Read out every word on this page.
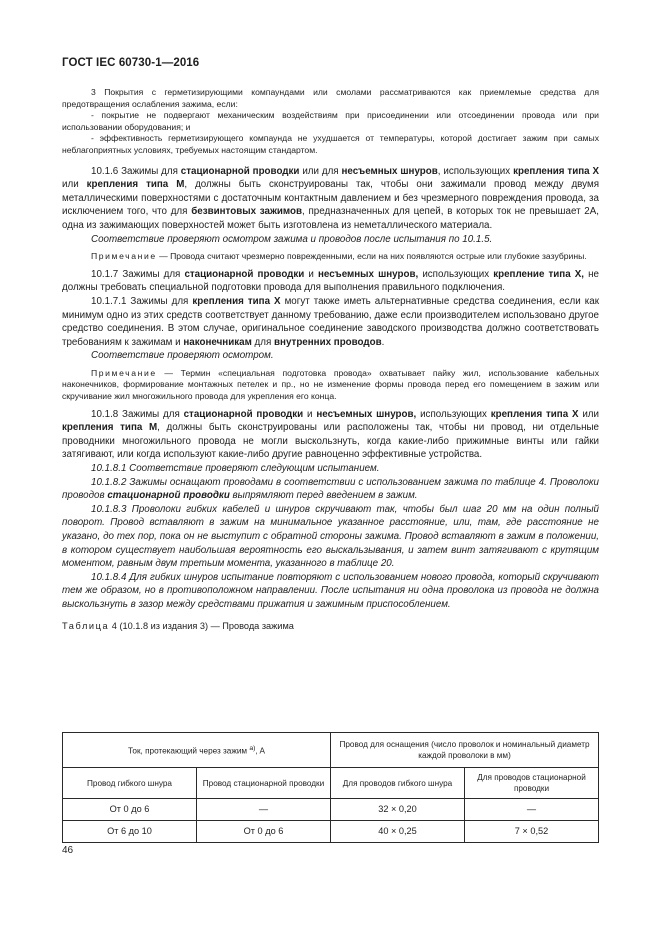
ГОСТ IEC 60730-1—2016

3 Покрытия с герметизирующими компаундами или смолами рассматриваются как приемлемые средства для предотвращения ослабления зажима, если:

- покрытие не подвергают механическим воздействиям при присоединении или отсоединении провода или при использовании оборудования; и

- эффективность герметизирующего компаунда не ухудшается от температуры, которой достигает зажим при самых неблагоприятных условиях, требуемых настоящим стандартом.

10.1.6 Зажимы для стационарной проводки или для несъемных шнуров, использующих крепления типа X или крепления типа M, должны быть сконструированы так, чтобы они зажимали провод между двумя металлическими поверхностями с достаточным контактным давлением и без чрезмерного повреждения провода, за исключением того, что для безвинтовых зажимов, предназначенных для цепей, в которых ток не превышает 2A, одна из зажимающих поверхностей может быть изготовлена из неметаллического материала.

Соответствие проверяют осмотром зажима и проводов после испытания по 10.1.5.

Примечание — Провода считают чрезмерно поврежденными, если на них появляются острые или глубокие зазубрины.

10.1.7 Зажимы для стационарной проводки и несъемных шнуров, использующих крепление типа X, не должны требовать специальной подготовки провода для выполнения правильного подключения.

10.1.7.1 Зажимы для крепления типа X могут также иметь альтернативные средства соединения, если как минимум одно из этих средств соответствует данному требованию, даже если производителем использовано другое средство соединения. В этом случае, оригинальное соединение заводского производства должно соответствовать требованиям к зажимам и наконечникам для внутренних проводов.

Соответствие проверяют осмотром.

Примечание — Термин «специальная подготовка провода» охватывает пайку жил, использование кабельных наконечников, формирование монтажных петелек и пр., но не изменение формы провода перед его помещением в зажим или скручивание жил многожильного провода для укрепления его конца.

10.1.8 Зажимы для стационарной проводки и несъемных шнуров, использующих крепления типа X или крепления типа M, должны быть сконструированы или расположены так, чтобы ни провод, ни отдельные проводники многожильного провода не могли выскользнуть, когда какие-либо прижимные винты или гайки затягивают, или когда используют какие-либо другие равноценно эффективные устройства.

10.1.8.1 Соответствие проверяют следующим испытанием.

10.1.8.2 Зажимы оснащают проводами в соответствии с использованием зажима по таблице 4. Проволоки проводов стационарной проводки выпрямляют перед введением в зажим.

10.1.8.3 Проволоки гибких кабелей и шнуров скручивают так, чтобы был шаг 20 мм на один полный поворот. Провод вставляют в зажим на минимальное указанное расстояние, или, там, где расстояние не указано, до тех пор, пока он не выступит с обратной стороны зажима. Провод вставляют в зажим в положении, в котором существует наибольшая вероятность его выскальзывания, и затем винт затягивают с крутящим моментом, равным двум третьим момента, указанного в таблице 20.

10.1.8.4 Для гибких шнуров испытание повторяют с использованием нового провода, который скручивают тем же образом, но в противоположном направлении. После испытания ни одна проволока из провода не должна выскользнуть в зазор между средствами прижатия и зажимным приспособлением.

Таблица 4 (10.1.8 из издания 3) — Провода зажима

Ток, протекающий через зажим $^{a)}$, A		Провод для оснащения (число проволок и номинальный диаметр каждой проволоки в мм)	
Провод гибкого шнура	Провод стационарной проводки	Для проводов гибкого шнура	Для проводов стационарной проводки
От 0 до 6	—	32 × 0,20	—
От 6 до 10	От 0 до 6	40 × 0,25	7 × 0,52
46
